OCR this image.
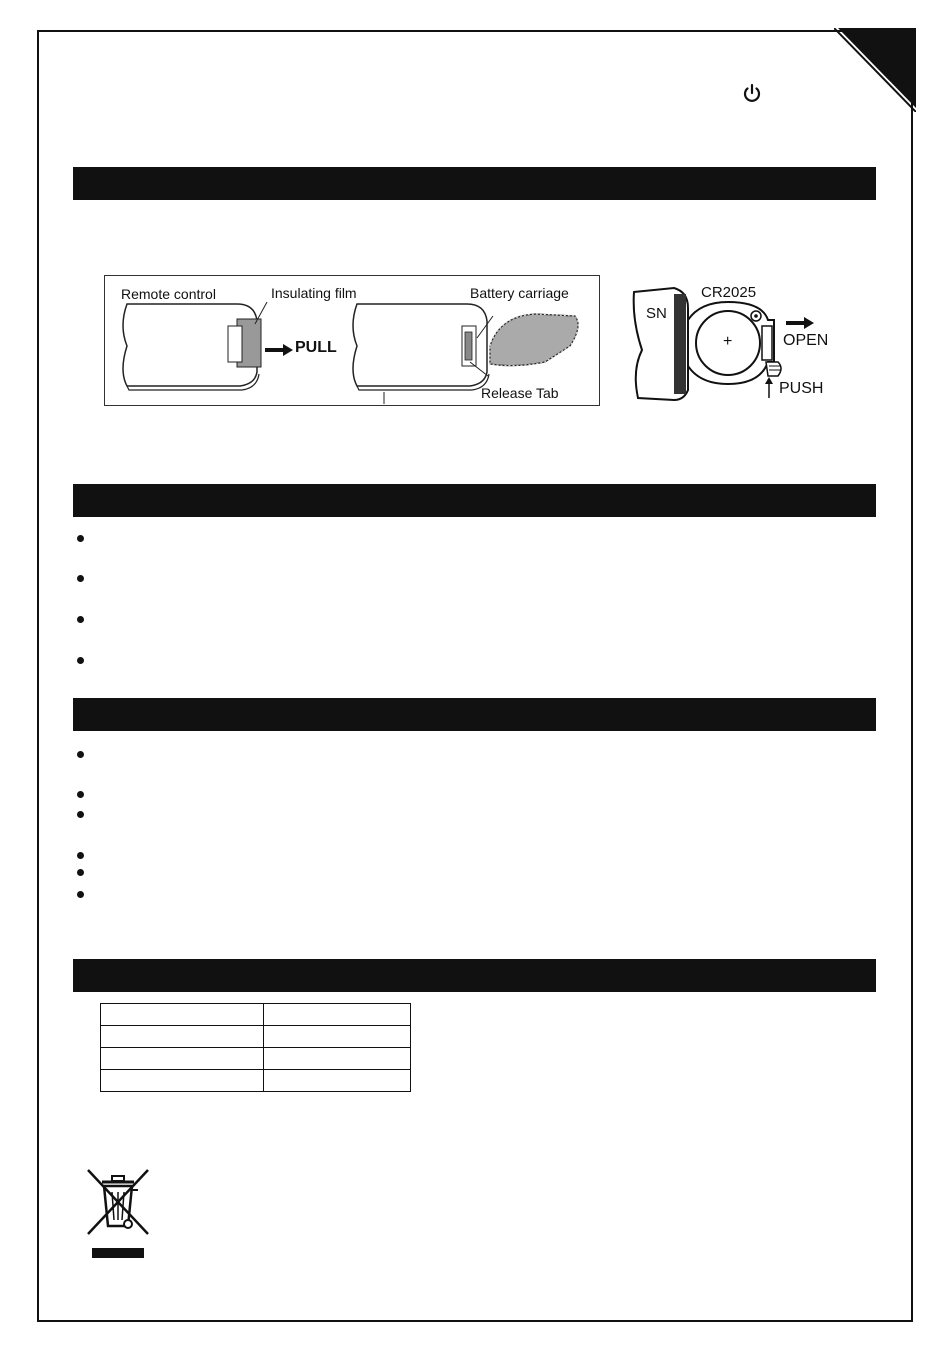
Remote control	Insulating film
PULL
Battery carriage
Release Tab
SN
CR2025
+	OPEN
PUSH
